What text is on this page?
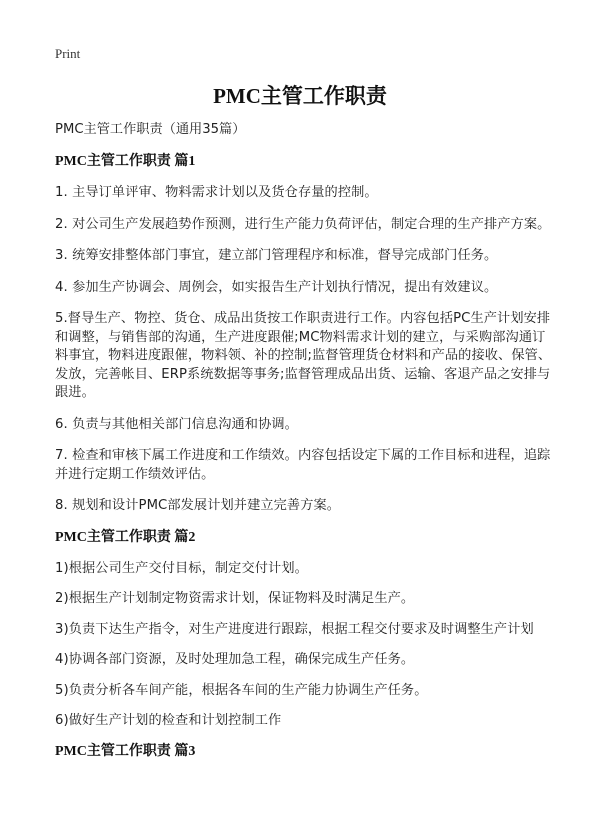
Print
PMC主管工作职责

PMC主管工作职责（通用35篇）

PMC主管工作职责 篇1

1. 主导订单评审、物料需求计划以及货仓存量的控制。

2. 对公司生产发展趋势作预测，进行生产能力负荷评估，制定合理的生产排产方案。

3. 统筹安排整体部门事宜，建立部门管理程序和标准，督导完成部门任务。

4. 参加生产协调会、周例会，如实报告生产计划执行情况，提出有效建议。

5.督导生产、物控、货仓、成品出货按工作职责进行工作。内容包括PC生产计划安排和调整，与销售部的沟通，生产进度跟催;MC物料需求计划的建立，与采购部沟通订料事宜，物料进度跟催，物料领、补的控制;监督管理货仓材料和产品的接收、保管、发放，完善帐目、ERP系统数据等事务;监督管理成品出货、运输、客退产品之安排与跟进。

6. 负责与其他相关部门信息沟通和协调。

7. 检查和审核下属工作进度和工作绩效。内容包括设定下属的工作目标和进程，追踪并进行定期工作绩效评估。

8. 规划和设计PMC部发展计划并建立完善方案。

PMC主管工作职责 篇2

1)根据公司生产交付目标，制定交付计划。

2)根据生产计划制定物资需求计划，保证物料及时满足生产。

3)负责下达生产指令，对生产进度进行跟踪，根据工程交付要求及时调整生产计划

4)协调各部门资源，及时处理加急工程，确保完成生产任务。

5)负责分析各车间产能，根据各车间的生产能力协调生产任务。

6)做好生产计划的检查和计划控制工作

PMC主管工作职责 篇3
